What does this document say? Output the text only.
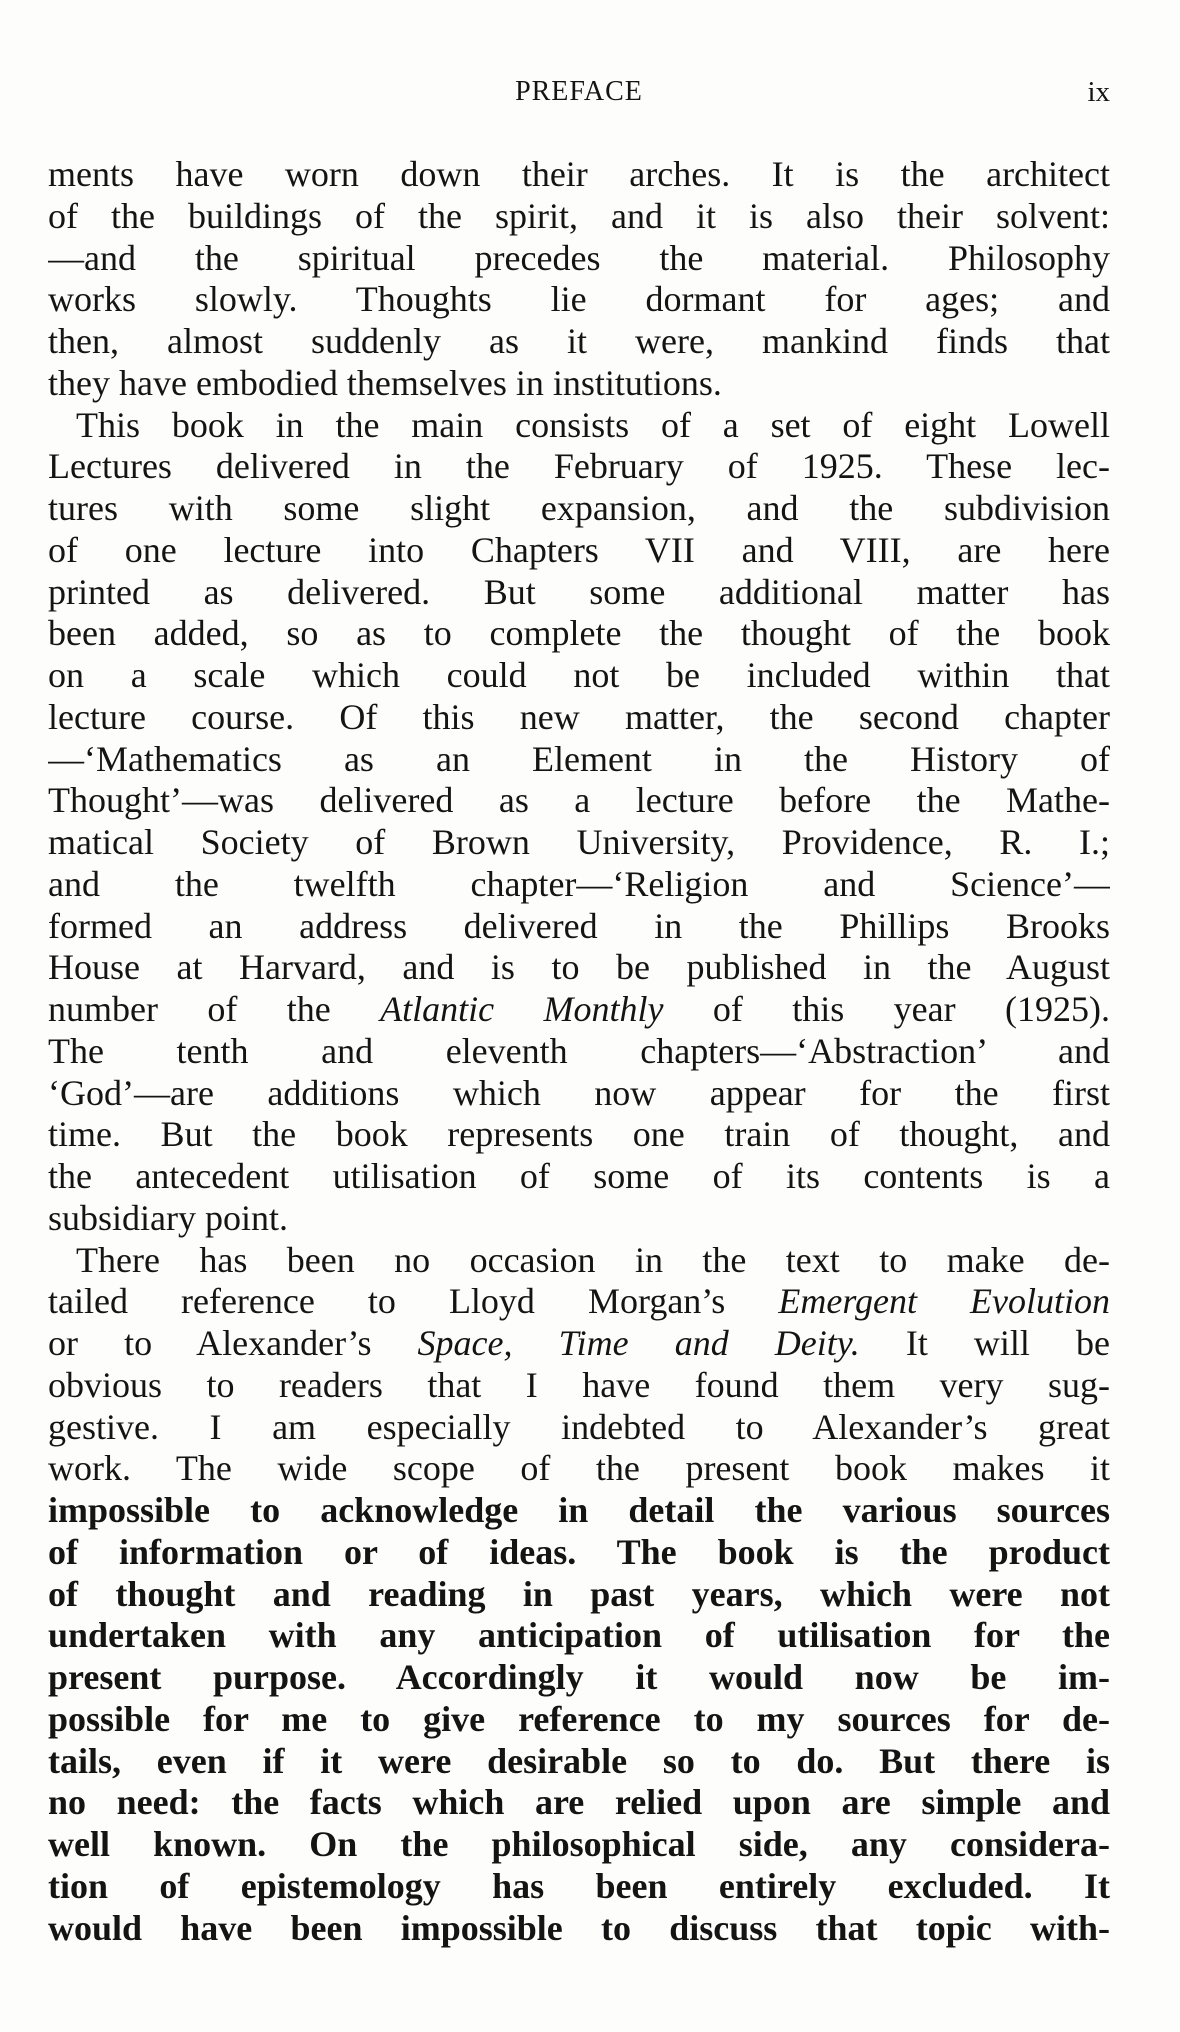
PREFACE	ix
ments have worn down their arches. It is the architect
of the buildings of the spirit, and it is also their solvent:
—and the spiritual precedes the material. Philosophy
works slowly. Thoughts lie dormant for ages; and
then, almost suddenly as it were, mankind finds that
they have embodied themselves in institutions.
This book in the main consists of a set of eight Lowell
Lectures delivered in the February of 1925. These lec-
tures with some slight expansion, and the subdivision
of one lecture into Chapters VII and VIII, are here
printed as delivered. But some additional matter has
been added, so as to complete the thought of the book
on a scale which could not be included within that
lecture course. Of this new matter, the second chapter
—‘Mathematics as an Element in the History of
Thought’—was delivered as a lecture before the Mathe-
matical Society of Brown University, Providence, R. I.;
and the twelfth chapter—‘Religion and Science’—
formed an address delivered in the Phillips Brooks
House at Harvard, and is to be published in the August
number of the Atlantic Monthly of this year (1925).
The tenth and eleventh chapters—‘Abstraction’ and
‘God’—are additions which now appear for the first
time. But the book represents one train of thought, and
the antecedent utilisation of some of its contents is a
subsidiary point.
There has been no occasion in the text to make de-
tailed reference to Lloyd Morgan’s Emergent Evolution
or to Alexander’s Space, Time and Deity. It will be
obvious to readers that I have found them very sug-
gestive. I am especially indebted to Alexander’s great
work. The wide scope of the present book makes it
impossible to acknowledge in detail the various sources
of information or of ideas. The book is the product
of thought and reading in past years, which were not
undertaken with any anticipation of utilisation for the
present purpose. Accordingly it would now be im-
possible for me to give reference to my sources for de-
tails, even if it were desirable so to do. But there is
no need: the facts which are relied upon are simple and
well known. On the philosophical side, any considera-
tion of epistemology has been entirely excluded. It
would have been impossible to discuss that topic with-
